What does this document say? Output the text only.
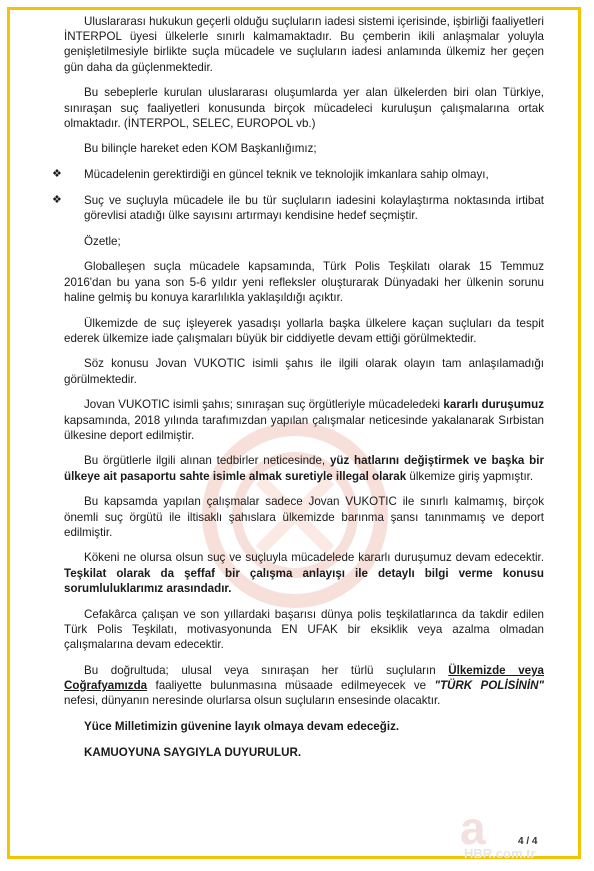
Uluslararası hukukun geçerli olduğu suçluların iadesi sistemi içerisinde, işbirliği faaliyetleri İNTERPOL üyesi ülkelerle sınırlı kalmamaktadır. Bu çemberin ikili anlaşmalar yoluyla genişletilmesiyle birlikte suçla mücadele ve suçluların iadesi anlamında ülkemiz her geçen gün daha da güçlenmektedir.

Bu sebeplerle kurulan uluslararası oluşumlarda yer alan ülkelerden biri olan Türkiye, sınıraşan suç faaliyetleri konusunda birçok mücadeleci kuruluşun çalışmalarına ortak olmaktadır. (İNTERPOL, SELEC, EUROPOL vb.)

Bu bilinçle hareket eden KOM Başkanlığımız;

❖ Mücadelenin gerektirdiği en güncel teknik ve teknolojik imkanlara sahip olmayı,
❖ Suç ve suçluyla mücadele ile bu tür suçluların iadesini kolaylaştırma noktasında irtibat görevlisi atadığı ülke sayısını artırmayı kendisine hedef seçmiştir.

Özetle;

Globalleşen suçla mücadele kapsamında, Türk Polis Teşkilatı olarak 15 Temmuz 2016'dan bu yana son 5-6 yıldır yeni refleksler oluşturarak Dünyadaki her ülkenin sorunu haline gelmiş bu konuya kararlılıkla yaklaşıldığı açıktır.

Ülkemizde de suç işleyerek yasadışı yollarla başka ülkelere kaçan suçluları da tespit ederek ülkemize iade çalışmaları büyük bir ciddiyetle devam ettiği görülmektedir.

Söz konusu Jovan VUKOTIC isimli şahıs ile ilgili olarak olayın tam anlaşılamadığı görülmektedir.

Jovan VUKOTIC isimli şahıs; sınıraşan suç örgütleriyle mücadeledeki kararlı duruşumuz kapsamında, 2018 yılında tarafımızdan yapılan çalışmalar neticesinde yakalanarak Sırbistan ülkesine deport edilmiştir.

Bu örgütlerle ilgili alınan tedbirler neticesinde, yüz hatlarını değiştirmek ve başka bir ülkeye ait pasaportu sahte isimle almak suretiyle illegal olarak ülkemize giriş yapmıştır.

Bu kapsamda yapılan çalışmalar sadece Jovan VUKOTIC ile sınırlı kalmamış, birçok önemli suç örgütü ile iltisaklı şahıslara ülkemizde barınma şansı tanınmamış ve deport edilmiştir.

Kökeni ne olursa olsun suç ve suçluyla mücadelede kararlı duruşumuz devam edecektir. Teşkilat olarak da şeffaf bir çalışma anlayışı ile detaylı bilgi verme konusu sorumluluklarımız arasındadır.

Cefakârca çalışan ve son yıllardaki başarısı dünya polis teşkilatlarınca da takdir edilen Türk Polis Teşkilatı, motivasyonunda EN UFAK bir eksiklik veya azalma olmadan çalışmalarına devam edecektir.

Bu doğrultuda; ulusal veya sınıraşan her türlü suçluların Ülkemizde veya Coğrafyamızda faaliyette bulunmasına müsaade edilmeyecek ve "TÜRK POLİSİNİN" nefesi, dünyanın neresinde olurlarsa olsun suçluların ensesinde olacaktır.

Yüce Milletimizin güvenine layık olmaya devam edeceğiz.

KAMUOYUNA SAYGIYLA DUYURULUR.

4 / 4
a
HBR.com.tr
